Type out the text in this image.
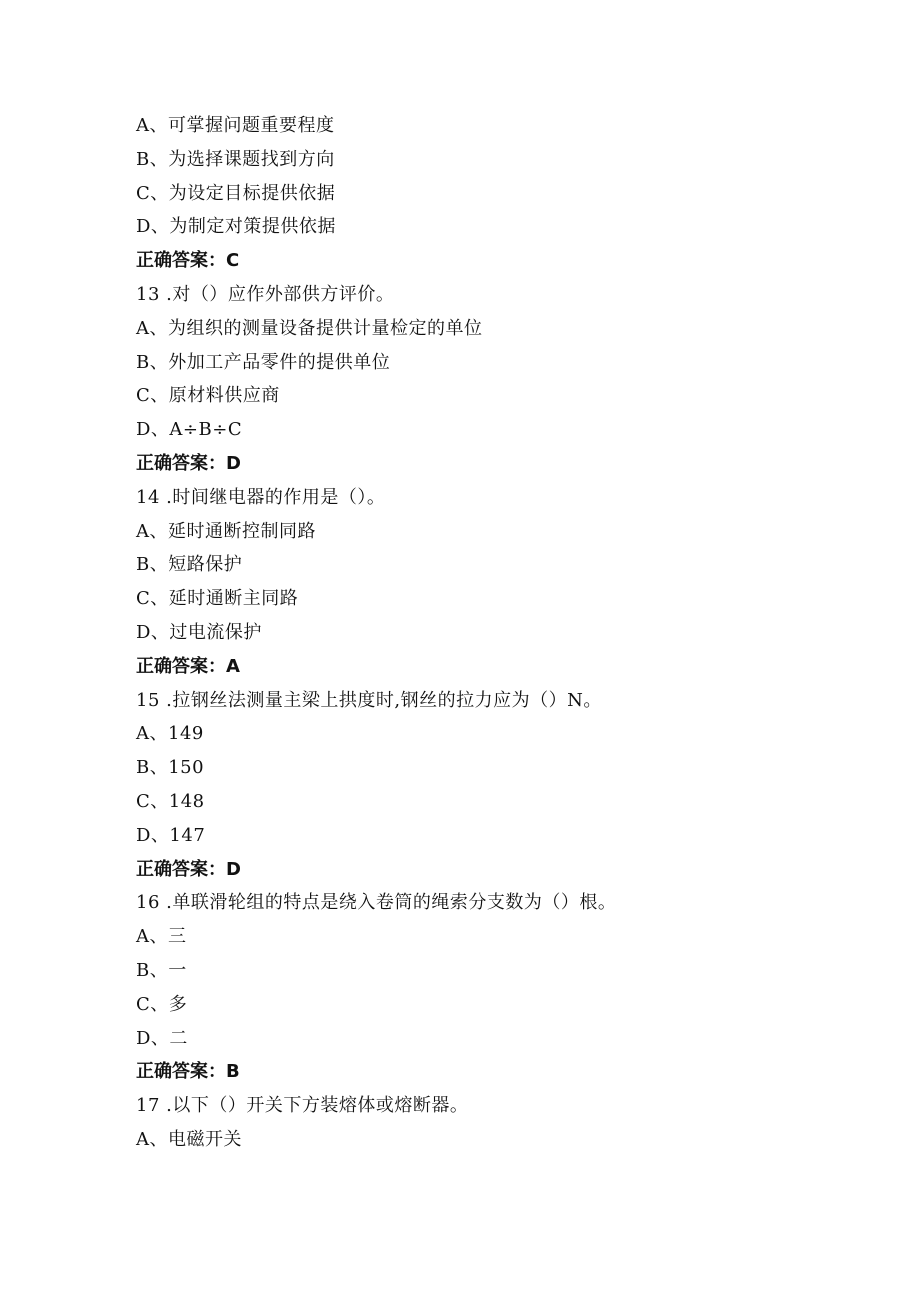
A、可掌握问题重要程度
B、为选择课题找到方向
C、为设定目标提供依据
D、为制定对策提供依据
正确答案：C
13 .对（）应作外部供方评价。
A、为组织的测量设备提供计量检定的单位
B、外加工产品零件的提供单位
C、原材料供应商
D、A÷B÷C
正确答案：D
14 .时间继电器的作用是（）。
A、延时通断控制同路
B、短路保护
C、延时通断主同路
D、过电流保护
正确答案：A
15 .拉钢丝法测量主梁上拱度时,钢丝的拉力应为（）N。
A、149
B、150
C、148
D、147
正确答案：D
16 .单联滑轮组的特点是绕入卷筒的绳索分支数为（）根。
A、三
B、一
C、多
D、二
正确答案：B
17 .以下（）开关下方装熔体或熔断器。
A、电磁开关
